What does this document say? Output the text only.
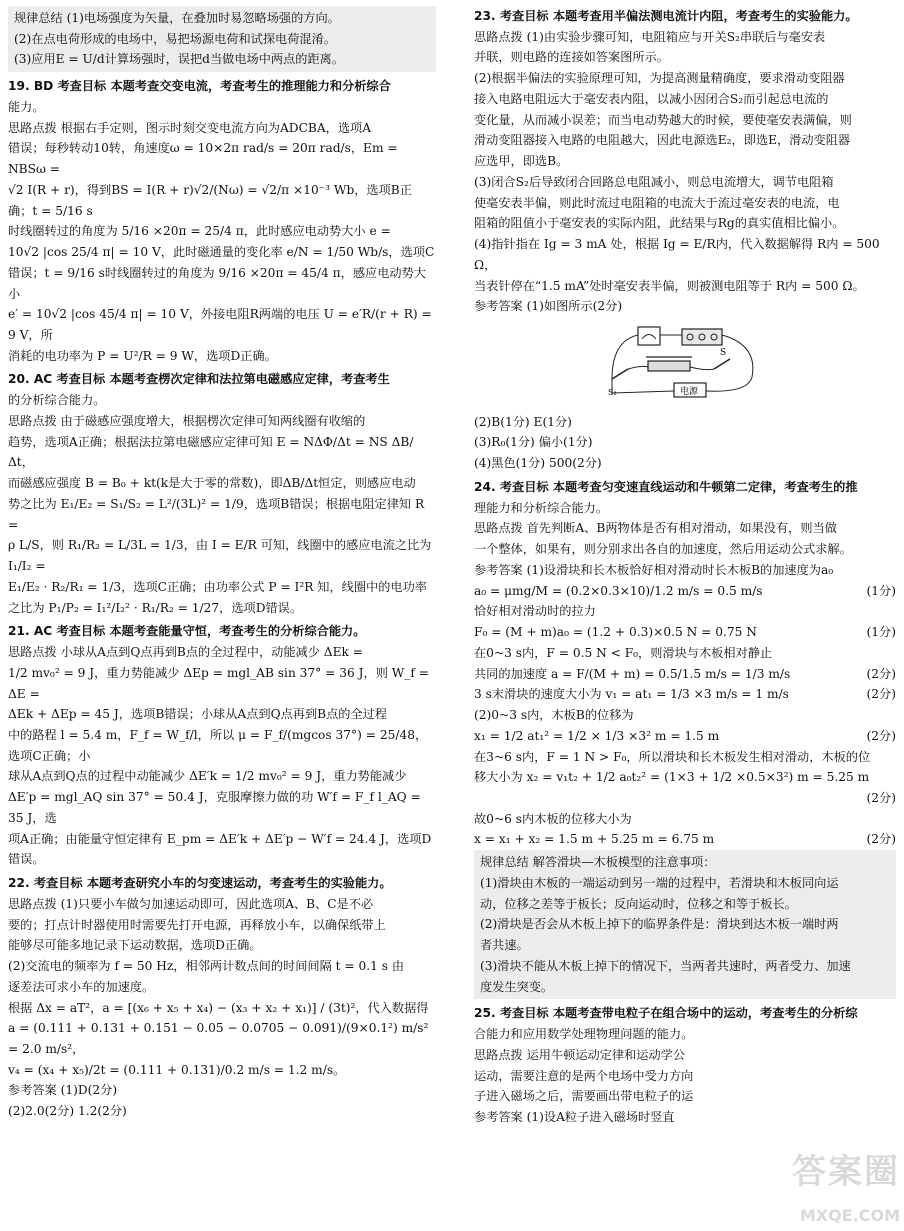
规律总结 (1)电场强度为矢量，在叠加时易忽略场强的方向。

(2)在点电荷形成的电场中，易把场源电荷和试探电荷混淆。

(3)应用E = U/d计算场强时，误把d当做电场中两点的距离。

19. BD 考查目标 本题考查交变电流，考查考生的推理能力和分析综合

能力。

思路点拨 根据右手定则，图示时刻交变电流方向为ADCBA，选项A

错误；每秒转动10转，角速度ω = 10×2π rad/s = 20π rad/s，Em = NBSω =

√2 I(R + r)，得到BS = I(R + r)√2/(Nω) = √2/π ×10⁻³ Wb，选项B正确；t = 5/16 s

时线圈转过的角度为 5/16 ×20π = 25/4 π，此时感应电动势大小 e =

10√2 |cos 25/4 π| = 10 V，此时磁通量的变化率 e/N = 1/50 Wb/s，选项C

错误；t = 9/16 s时线圈转过的角度为 9/16 ×20π = 45/4 π，感应电动势大小

e′ = 10√2 |cos 45/4 π| = 10 V，外接电阻R两端的电压 U = e′R/(r + R) = 9 V，所

消耗的电功率为 P = U²/R = 9 W，选项D正确。

20. AC 考查目标 本题考查楞次定律和法拉第电磁感应定律，考查考生

的分析综合能力。

思路点拨 由于磁感应强度增大，根据楞次定律可知两线圈有收缩的

趋势，选项A正确；根据法拉第电磁感应定律可知 E = NΔΦ/Δt = NS ΔB/Δt，

而磁感应强度 B = B₀ + kt(k是大于零的常数)，即ΔB/Δt恒定，则感应电动

势之比为 E₁/E₂ = S₁/S₂ = L²/(3L)² = 1/9，选项B错误；根据电阻定律知 R =

ρ L/S，则 R₁/R₂ = L/3L = 1/3，由 I = E/R 可知，线圈中的感应电流之比为 I₁/I₂ =

E₁/E₂ · R₂/R₁ = 1/3，选项C正确；由功率公式 P = I²R 知，线圈中的电功率

之比为 P₁/P₂ = I₁²/I₂² · R₁/R₂ = 1/27，选项D错误。

21. AC 考查目标 本题考查能量守恒，考查考生的分析综合能力。

思路点拨 小球从A点到Q点再到B点的全过程中，动能减少 ΔEk =

1/2 mv₀² = 9 J，重力势能减少 ΔEp = mgl_AB sin 37° = 36 J，则 W_f = ΔE =

ΔEk + ΔEp = 45 J，选项B错误；小球从A点到Q点再到B点的全过程

中的路程 l = 5.4 m，F_f = W_f/l，所以 μ = F_f/(mgcos 37°) = 25/48，选项C正确；小

球从A点到Q点的过程中动能减少 ΔE′k = 1/2 mv₀² = 9 J，重力势能减少

ΔE′p = mgl_AQ sin 37° = 50.4 J，克服摩擦力做的功 W′f = F_f l_AQ = 35 J，选

项A正确；由能量守恒定律有 E_pm = ΔE′k + ΔE′p − W′f = 24.4 J，选项D

错误。

22. 考查目标 本题考查研究小车的匀变速运动，考查考生的实验能力。

思路点拨 (1)只要小车做匀加速运动即可，因此选项A、B、C是不必

要的；打点计时器使用时需要先打开电源，再释放小车，以确保纸带上

能够尽可能多地记录下运动数据，选项D正确。

(2)交流电的频率为 f = 50 Hz，相邻两计数点间的时间间隔 t = 0.1 s 由

逐差法可求小车的加速度。

根据 Δx = aT²，a = [(x₆ + x₅ + x₄) − (x₃ + x₂ + x₁)] / (3t)²，代入数据得

a = (0.111 + 0.131 + 0.151 − 0.05 − 0.0705 − 0.091)/(9×0.1²) m/s² = 2.0 m/s²，

v₄ = (x₄ + x₅)/2t = (0.111 + 0.131)/0.2 m/s = 1.2 m/s。

参考答案 (1)D(2分)

(2)2.0(2分) 1.2(2分)

23. 考查目标 本题考查用半偏法测电流计内阻，考查考生的实验能力。

思路点拨 (1)由实验步骤可知，电阻箱应与开关S₂串联后与毫安表

并联，则电路的连接如答案图所示。

(2)根据半偏法的实验原理可知，为提高测量精确度，要求滑动变阻器

接入电路电阻远大于毫安表内阻，以减小因闭合S₂而引起总电流的

变化量，从而减小误差；而当电动势越大的时候，要使毫安表满偏，则

滑动变阻器接入电路的电阻越大，因此电源选E₂，即选E，滑动变阻器

应选甲，即选B。

(3)闭合S₂后导致闭合回路总电阻减小，则总电流增大，调节电阻箱

使毫安表半偏，则此时流过电阻箱的电流大于流过毫安表的电流，电

阻箱的阻值小于毫安表的实际内阻，此结果与Rg的真实值相比偏小。

(4)指针指在 Ig = 3 mA 处，根据 Ig = E/R内，代入数据解得 R内 = 500 Ω，

当表针停在“1.5 mA”处时毫安表半偏，则被测电阻等于 R内 = 500 Ω。

参考答案 (1)如图所示(2分)

S
S₂	电源

(2)B(1分) E(1分)

(3)R₀(1分) 偏小(1分)

(4)黑色(1分) 500(2分)

24. 考查目标 本题考查匀变速直线运动和牛顿第二定律，考查考生的推

理能力和分析综合能力。

思路点拨 首先判断A、B两物体是否有相对滑动，如果没有，则当做

一个整体，如果有，则分别求出各自的加速度，然后用运动公式求解。

参考答案 (1)设滑块和长木板恰好相对滑动时长木板B的加速度为a₀

a₀ = μmg/M = (0.2×0.3×10)/1.2 m/s = 0.5 m/s	(1分)
恰好相对滑动时的拉力
F₀ = (M + m)a₀ = (1.2 + 0.3)×0.5 N = 0.75 N	(1分)
在0~3 s内，F = 0.5 N < F₀，则滑块与木板相对静止
共同的加速度 a = F/(M + m) = 0.5/1.5 m/s = 1/3 m/s	(2分)
3 s末滑块的速度大小为 v₁ = at₁ = 1/3 ×3 m/s = 1 m/s	(2分)
(2)0~3 s内，木板B的位移为
x₁ = 1/2 at₁² = 1/2 × 1/3 ×3² m = 1.5 m	(2分)
在3~6 s内，F = 1 N > F₀，所以滑块和长木板发生相对滑动，木板的位
移大小为 x₂ = v₁t₂ + 1/2 a₀t₂² = (1×3 + 1/2 ×0.5×3²) m = 5.25 m
(2分)
故0~6 s内木板的位移大小为
x = x₁ + x₂ = 1.5 m + 5.25 m = 6.75 m	(2分)

规律总结 解答滑块—木板模型的注意事项：

(1)滑块由木板的一端运动到另一端的过程中，若滑块和木板同向运

动，位移之差等于板长；反向运动时，位移之和等于板长。

(2)滑块是否会从木板上掉下的临界条件是：滑块到达木板一端时两

者共速。

(3)滑块不能从木板上掉下的情况下，当两者共速时，两者受力、加速

度发生突变。

25. 考查目标 本题考查带电粒子在组合场中的运动，考查考生的分析综

合能力和应用数学处理物理问题的能力。

思路点拨 运用牛顿运动定律和运动学公

运动，需要注意的是两个电场中受力方向

子进入磁场之后，需要画出带电粒子的运

参考答案 (1)设A粒子进入磁场时竖直

答案圈
MXQE.COM
